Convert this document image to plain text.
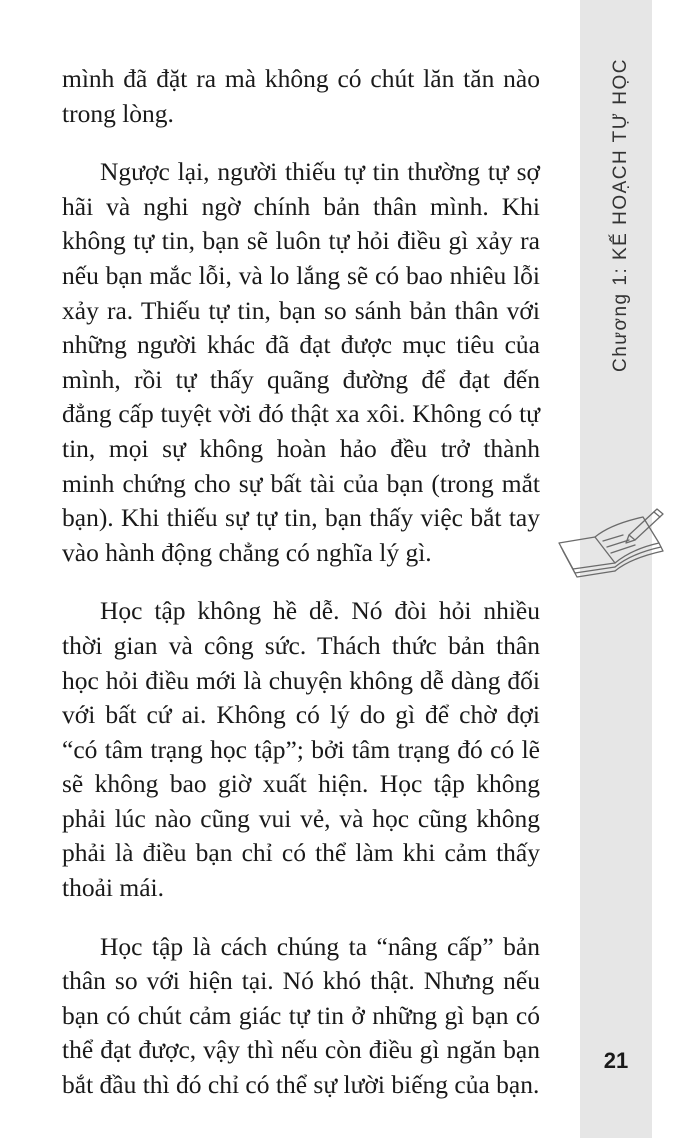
Chương 1: KẾ HOẠCH TỰ HỌC

mình đã đặt ra mà không có chút lăn tăn nào trong lòng.

Ngược lại, người thiếu tự tin thường tự sợ hãi và nghi ngờ chính bản thân mình. Khi không tự tin, bạn sẽ luôn tự hỏi điều gì xảy ra nếu bạn mắc lỗi, và lo lắng sẽ có bao nhiêu lỗi xảy ra. Thiếu tự tin, bạn so sánh bản thân với những người khác đã đạt được mục tiêu của mình, rồi tự thấy quãng đường để đạt đến đẳng cấp tuyệt vời đó thật xa xôi. Không có tự tin, mọi sự không hoàn hảo đều trở thành minh chứng cho sự bất tài của bạn (trong mắt bạn). Khi thiếu sự tự tin, bạn thấy việc bắt tay vào hành động chẳng có nghĩa lý gì.

Học tập không hề dễ. Nó đòi hỏi nhiều thời gian và công sức. Thách thức bản thân học hỏi điều mới là chuyện không dễ dàng đối với bất cứ ai. Không có lý do gì để chờ đợi “có tâm trạng học tập”; bởi tâm trạng đó có lẽ sẽ không bao giờ xuất hiện. Học tập không phải lúc nào cũng vui vẻ, và học cũng không phải là điều bạn chỉ có thể làm khi cảm thấy thoải mái.

Học tập là cách chúng ta “nâng cấp” bản thân so với hiện tại. Nó khó thật. Nhưng nếu bạn có chút cảm giác tự tin ở những gì bạn có thể đạt được, vậy thì nếu còn điều gì ngăn bạn bắt đầu thì đó chỉ có thể sự lười biếng của bạn.

21
